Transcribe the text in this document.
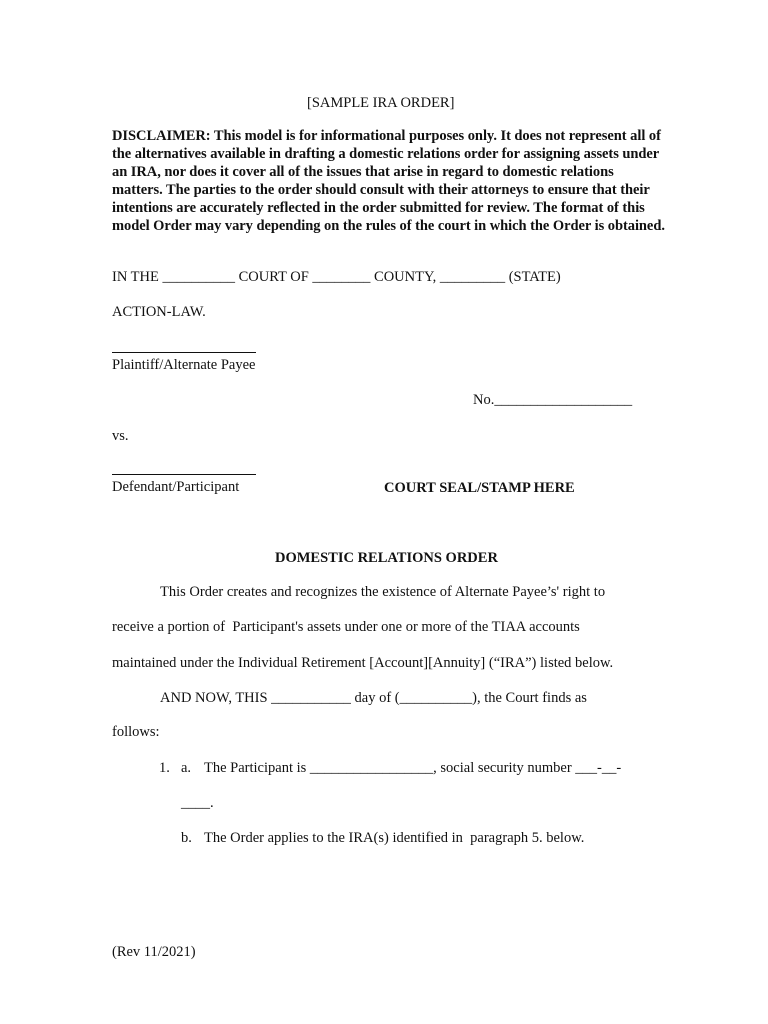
[SAMPLE IRA ORDER]
DISCLAIMER: This model is for informational purposes only. It does not represent all of
the alternatives available in drafting a domestic relations order for assigning assets under
an IRA, nor does it cover all of the issues that arise in regard to domestic relations
matters. The parties to the order should consult with their attorneys to ensure that their
intentions are accurately reflected in the order submitted for review. The format of this
model Order may vary depending on the rules of the court in which the Order is obtained.
IN THE __________ COURT OF ________ COUNTY, _________ (STATE)
ACTION-LAW.
Plaintiff/Alternate Payee
No.___________________
vs.
Defendant/Participant	COURT SEAL/STAMP HERE
DOMESTIC RELATIONS ORDER
This Order creates and recognizes the existence of Alternate Payee’s' right to
receive a portion of  Participant's assets under one or more of the TIAA accounts
maintained under the Individual Retirement [Account][Annuity] (“IRA”) listed below.
AND NOW, THIS ___________ day of (__________), the Court finds as
follows:
1. a. The Participant is _________________, social security number ___-__-
____.
b. The Order applies to the IRA(s) identified in  paragraph 5. below.
(Rev 11/2021)
